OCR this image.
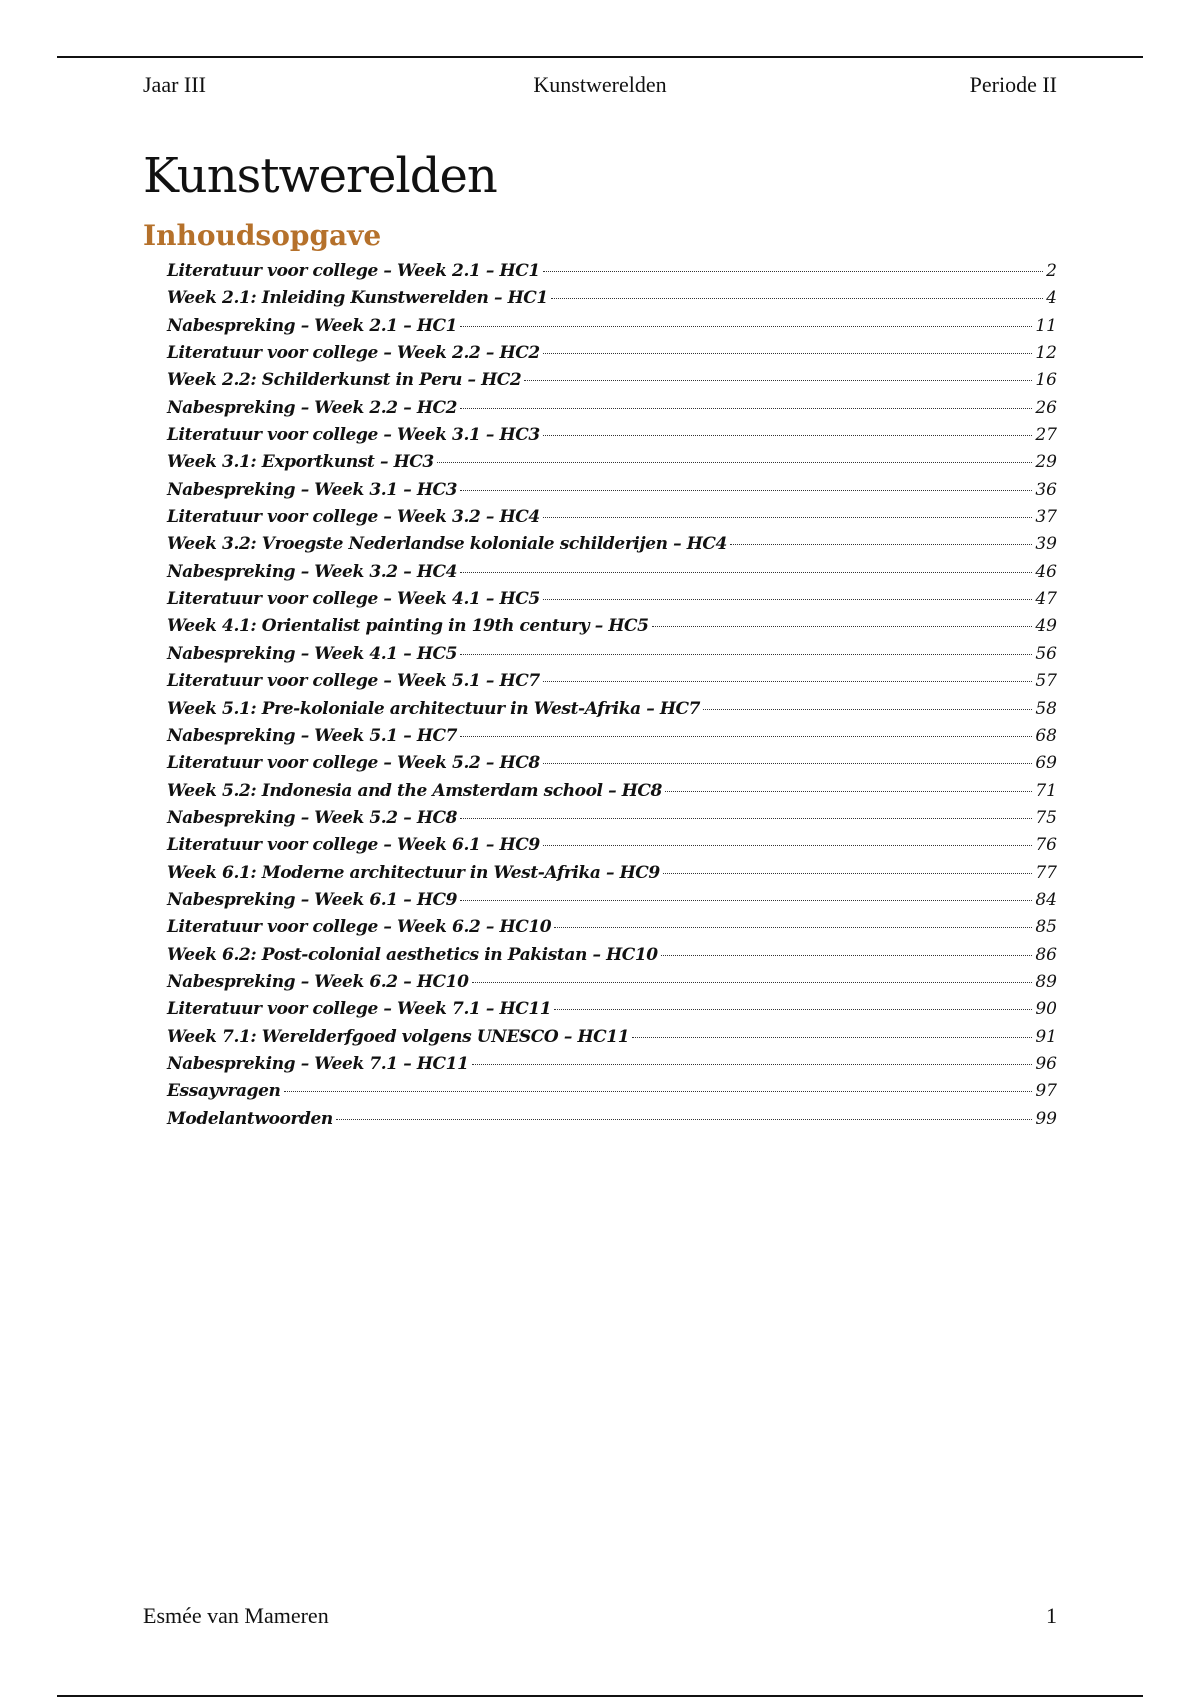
Jaar III	Kunstwerelden	Periode II
Kunstwerelden
Inhoudsopgave
Literatuur voor college – Week 2.1 – HC1	2
Week 2.1: Inleiding Kunstwerelden – HC1	4
Nabespreking – Week 2.1 – HC1	11
Literatuur voor college – Week 2.2 – HC2	12
Week 2.2: Schilderkunst in Peru – HC2	16
Nabespreking – Week 2.2 – HC2	26
Literatuur voor college – Week 3.1 – HC3	27
Week 3.1: Exportkunst – HC3	29
Nabespreking – Week 3.1 – HC3	36
Literatuur voor college – Week 3.2 – HC4	37
Week 3.2: Vroegste Nederlandse koloniale schilderijen – HC4	39
Nabespreking – Week 3.2 – HC4	46
Literatuur voor college – Week 4.1 – HC5	47
Week 4.1: Orientalist painting in 19th century – HC5	49
Nabespreking – Week 4.1 – HC5	56
Literatuur voor college – Week 5.1 – HC7	57
Week 5.1: Pre-koloniale architectuur in West-Afrika – HC7	58
Nabespreking – Week 5.1 – HC7	68
Literatuur voor college – Week 5.2 – HC8	69
Week 5.2: Indonesia and the Amsterdam school – HC8	71
Nabespreking – Week 5.2 – HC8	75
Literatuur voor college – Week 6.1 – HC9	76
Week 6.1: Moderne architectuur in West-Afrika – HC9	77
Nabespreking – Week 6.1 – HC9	84
Literatuur voor college – Week 6.2 – HC10	85
Week 6.2: Post-colonial aesthetics in Pakistan – HC10	86
Nabespreking – Week 6.2 – HC10	89
Literatuur voor college – Week 7.1 – HC11	90
Week 7.1: Werelderfgoed volgens UNESCO – HC11	91
Nabespreking – Week 7.1 – HC11	96
Essayvragen	97
Modelantwoorden	99
Esmée van Mameren	1
